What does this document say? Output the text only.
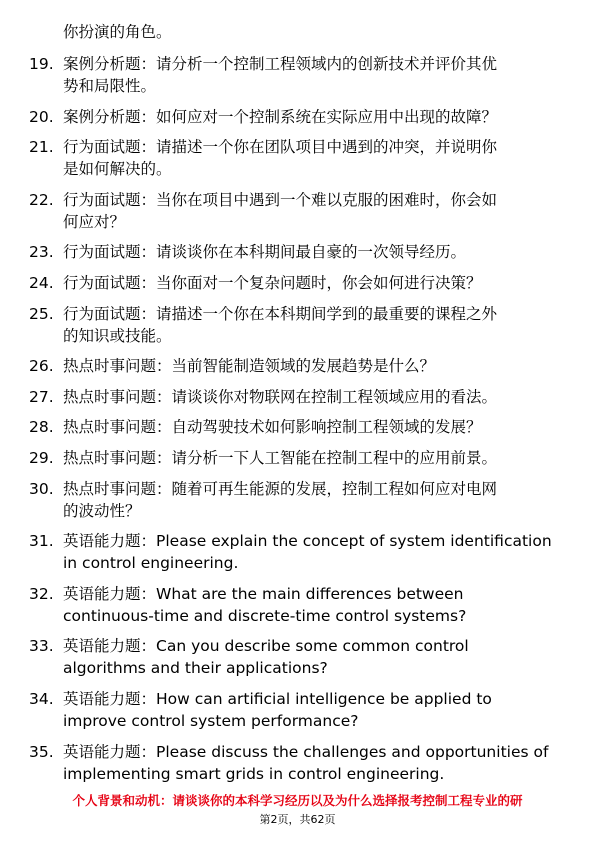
你扮演的角色。
19. 案例分析题：请分析一个控制工程领域内的创新技术并评价其优
势和局限性。
20. 案例分析题：如何应对一个控制系统在实际应用中出现的故障？
21. 行为面试题：请描述一个你在团队项目中遇到的冲突，并说明你
是如何解决的。
22. 行为面试题：当你在项目中遇到一个难以克服的困难时，你会如
何应对？
23. 行为面试题：请谈谈你在本科期间最自豪的一次领导经历。
24. 行为面试题：当你面对一个复杂问题时，你会如何进行决策？
25. 行为面试题：请描述一个你在本科期间学到的最重要的课程之外
的知识或技能。
26. 热点时事问题：当前智能制造领域的发展趋势是什么？
27. 热点时事问题：请谈谈你对物联网在控制工程领域应用的看法。
28. 热点时事问题：自动驾驶技术如何影响控制工程领域的发展？
29. 热点时事问题：请分析一下人工智能在控制工程中的应用前景。
30. 热点时事问题：随着可再生能源的发展，控制工程如何应对电网
的波动性？
31. 英语能力题：Please explain the concept of system identification
in control engineering.
32. 英语能力题：What are the main differences between
continuous-time and discrete-time control systems?
33. 英语能力题：Can you describe some common control
algorithms and their applications?
34. 英语能力题：How can artificial intelligence be applied to
improve control system performance?
35. 英语能力题：Please discuss the challenges and opportunities of
implementing smart grids in control engineering.
个人背景和动机：请谈谈你的本科学习经历以及为什么选择报考控制工程专业的研
第2页，共62页
